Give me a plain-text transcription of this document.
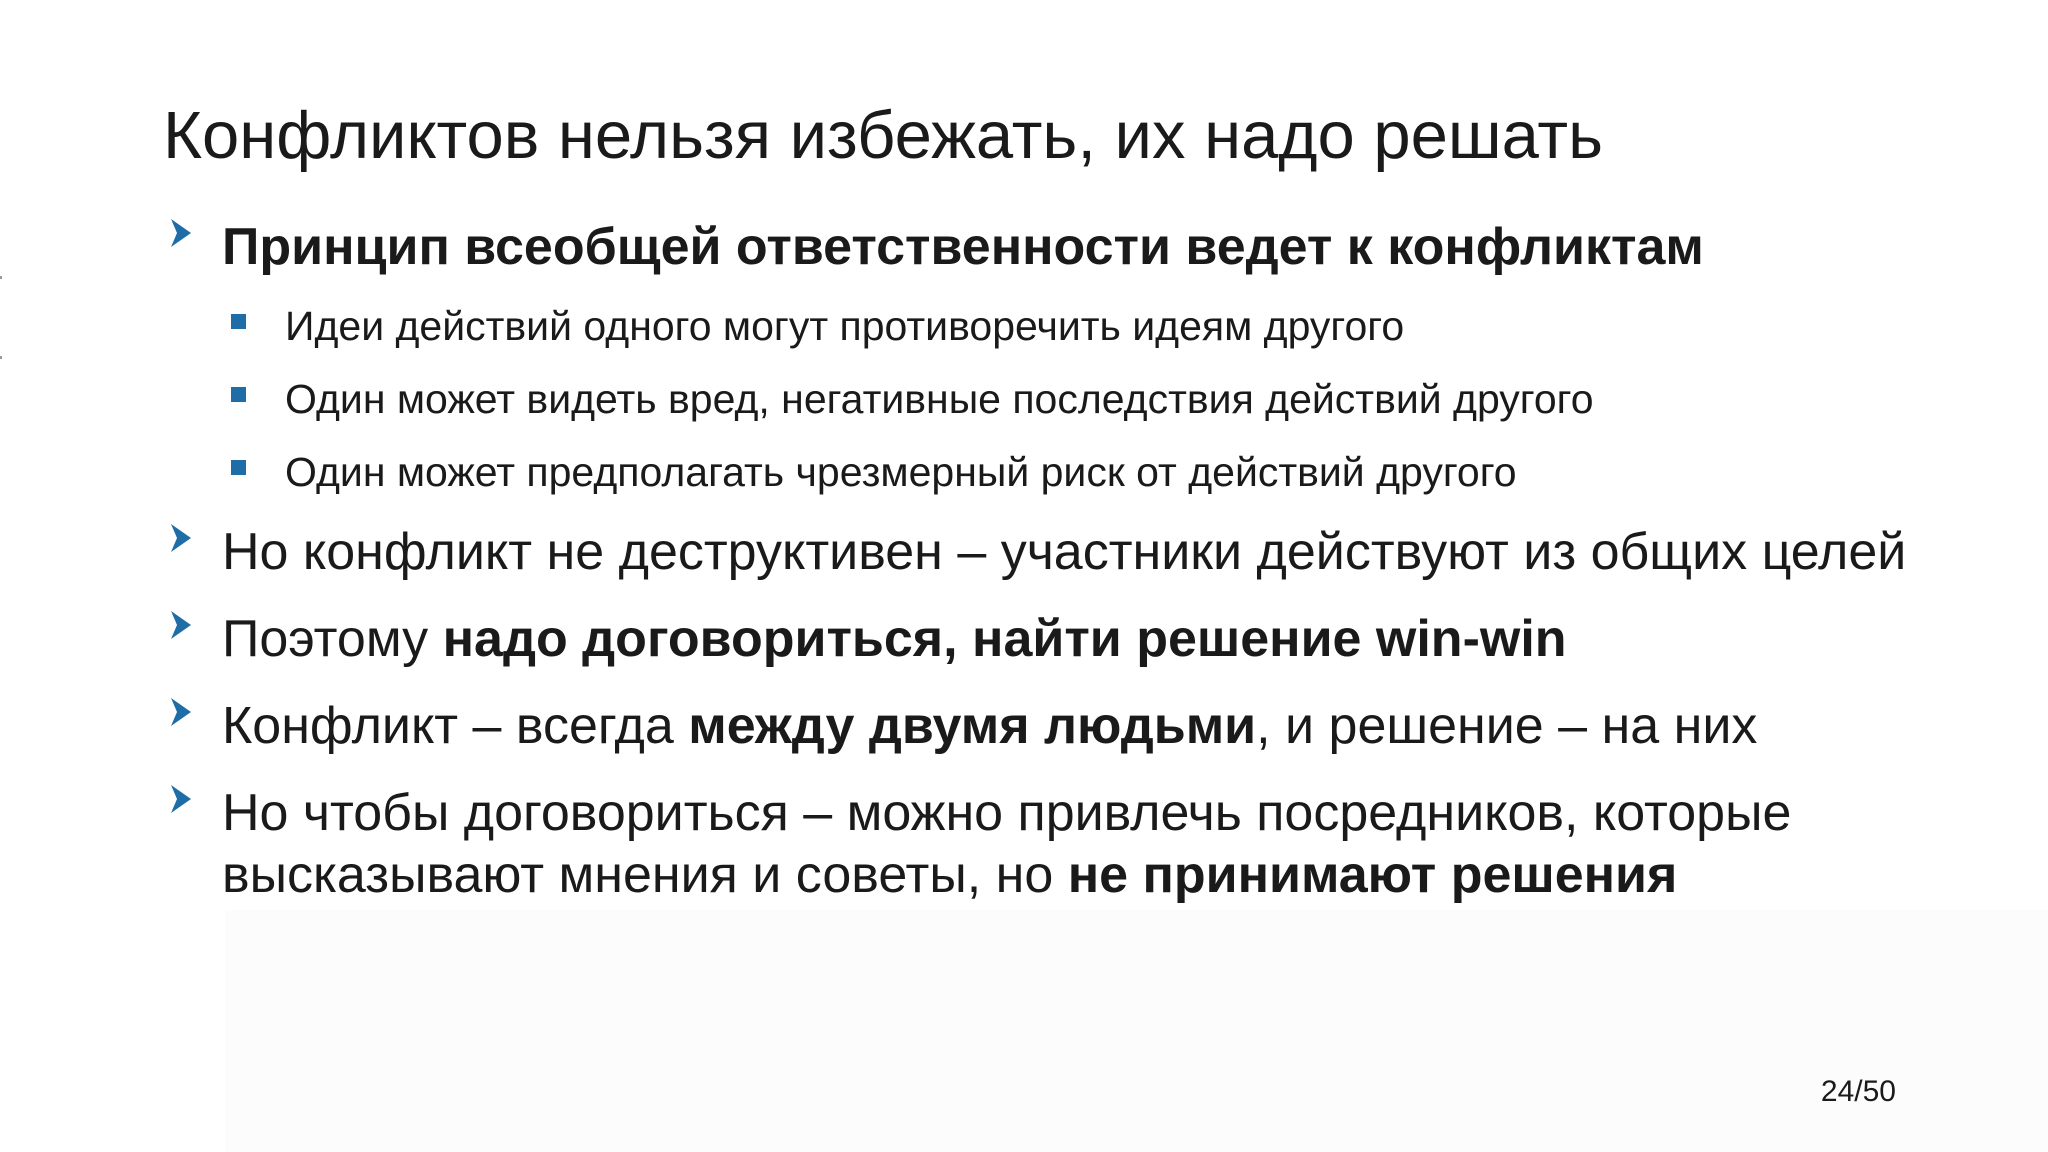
Конфликтов нельзя избежать, их надо решать
Принцип всеобщей ответственности ведет к конфликтам
Идеи действий одного могут противоречить идеям другого
Один может видеть вред, негативные последствия действий другого
Один может предполагать чрезмерный риск от действий другого
Но конфликт не деструктивен – участники действуют из общих целей
Поэтому надо договориться, найти решение win-win
Конфликт – всегда между двумя людьми, и решение – на них
Но чтобы договориться – можно привлечь посредников, которые
высказывают мнения и советы, но не принимают решения
24/50
